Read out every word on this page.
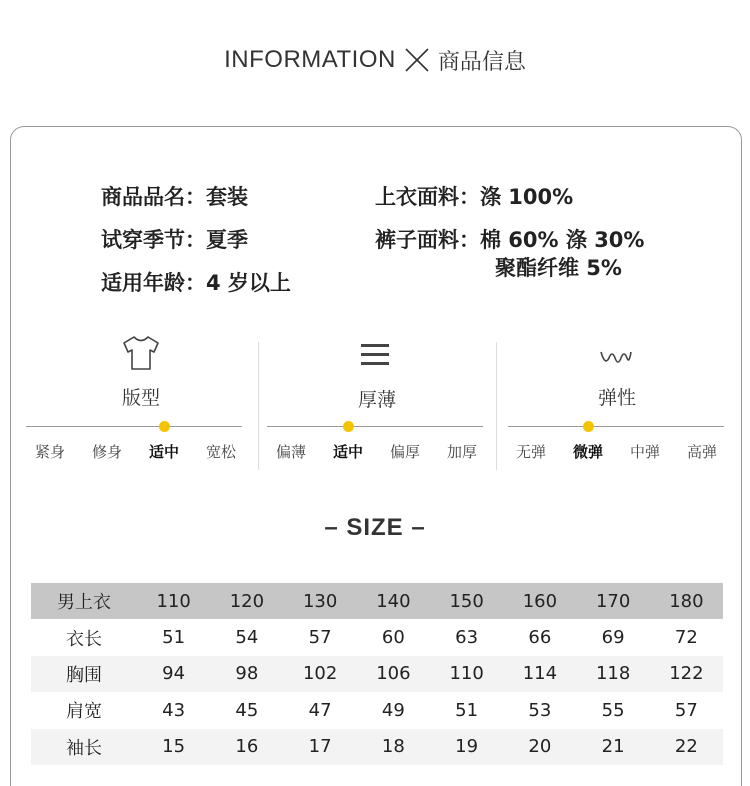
INFORMATION 商品信息
商品品名：套装
试穿季节：夏季
适用年龄：4 岁以上
上衣面料：涤 100%
裤子面料：棉 60% 涤 30%
聚酯纤维 5%
版型	厚薄	弹性
紧身	修身	适中	宽松	偏薄	适中	偏厚	加厚	无弹	微弹	中弹	高弹
– SIZE –
男上衣	110	120	130	140	150	160	170	180
衣长	51	54	57	60	63	66	69	72
胸围	94	98	102	106	110	114	118	122
肩宽	43	45	47	49	51	53	55	57
袖长	15	16	17	18	19	20	21	22
